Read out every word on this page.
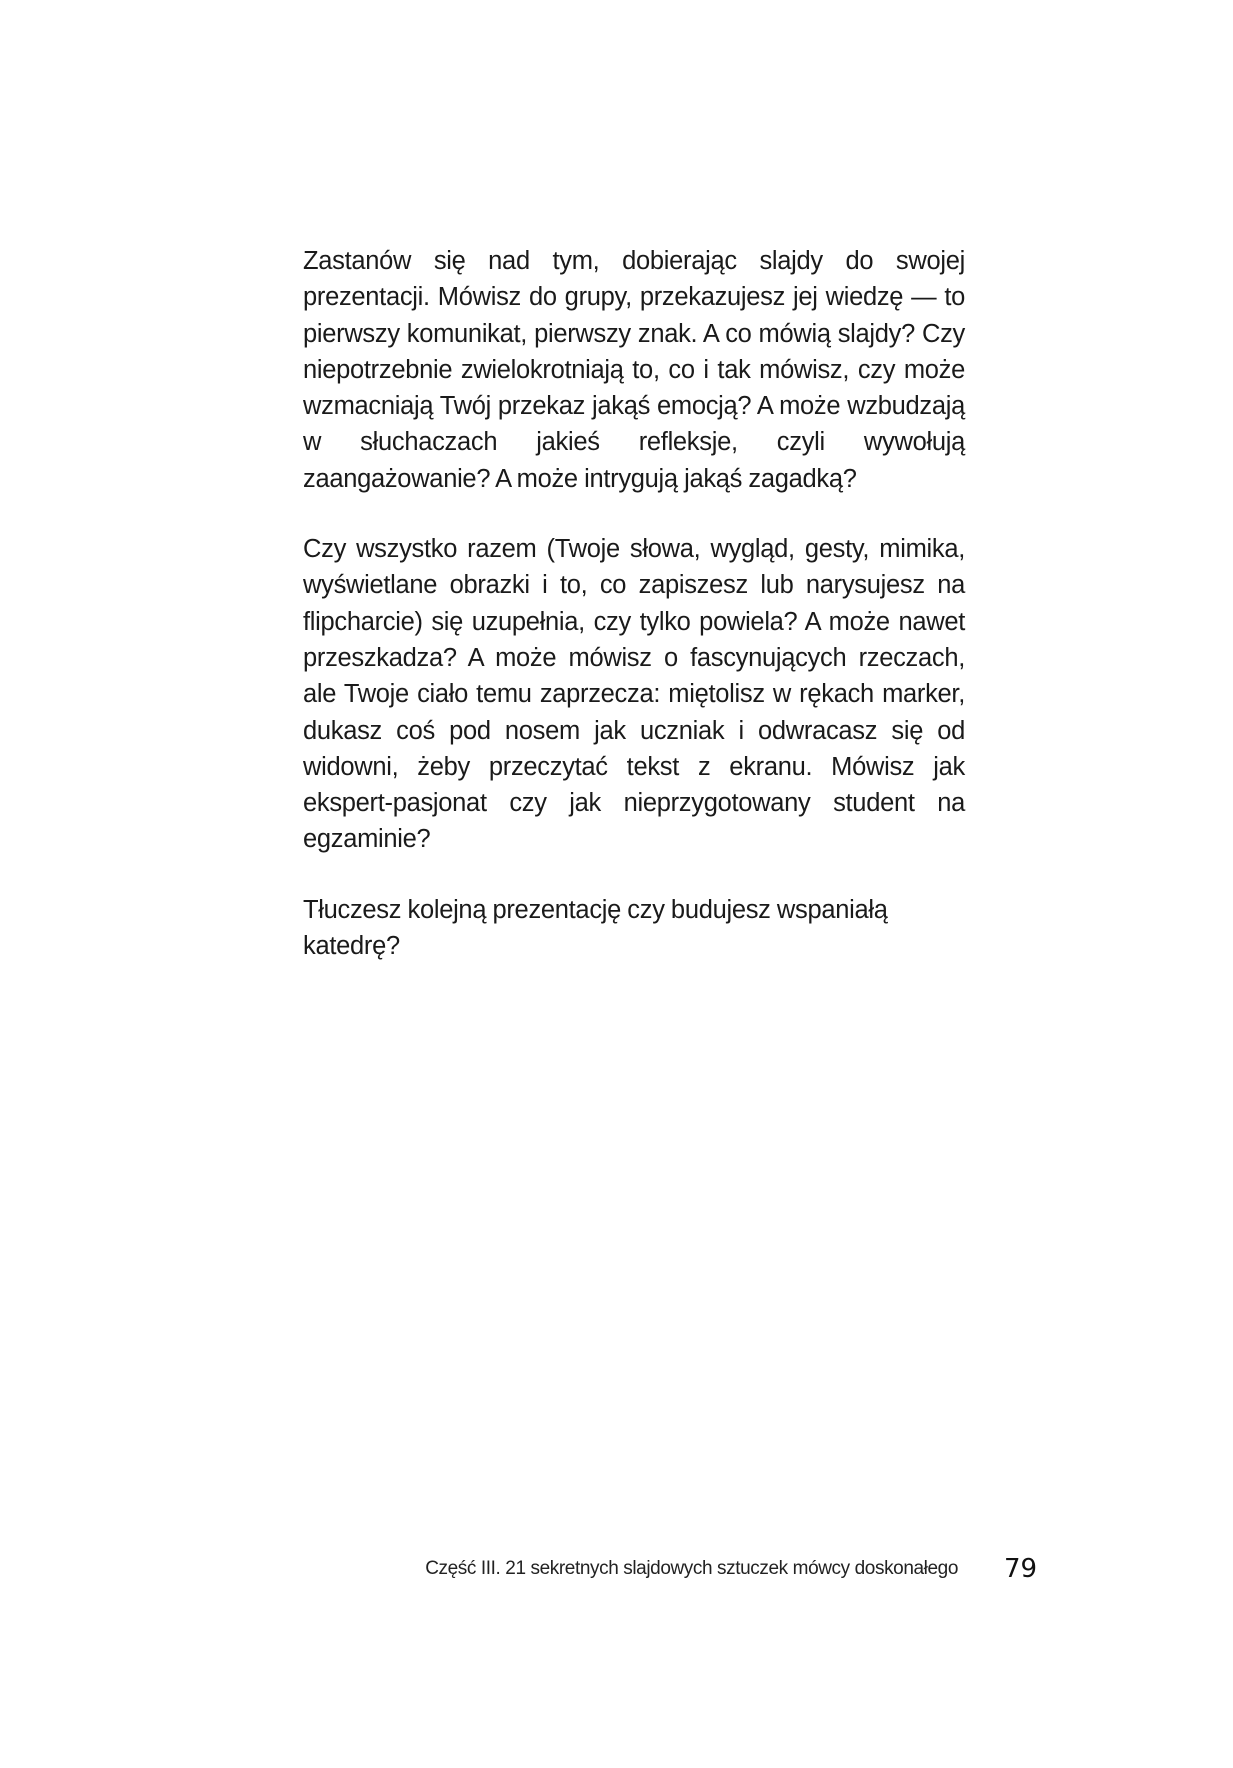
Zastanów się nad tym, dobierając slajdy do swojej prezentacji. Mówisz do grupy, przekazujesz jej wiedzę — to pierwszy komunikat, pierwszy znak. A co mówią slajdy? Czy niepotrzebnie zwielokrotniają to, co i tak mówisz, czy może wzmacniają Twój przekaz jakąś emocją? A może wzbudzają w słuchaczach jakieś refleksje, czyli wywołują zaangażowanie? A może intrygują jakąś zagadką?

Czy wszystko razem (Twoje słowa, wygląd, gesty, mimika, wyświetlane obrazki i to, co zapiszesz lub narysujesz na flipcharcie) się uzupełnia, czy tylko powiela? A może nawet przeszkadza? A może mówisz o fascynujących rzeczach, ale Twoje ciało temu zaprzecza: miętolisz w rękach marker, dukasz coś pod nosem jak uczniak i odwracasz się od widowni, żeby przeczytać tekst z ekranu. Mówisz jak ekspert-pasjonat czy jak nieprzygotowany student na egzaminie?

Tłuczesz kolejną prezentację czy budujesz wspaniałą katedrę?

Część III. 21 sekretnych slajdowych sztuczek mówcy doskonałego 79
